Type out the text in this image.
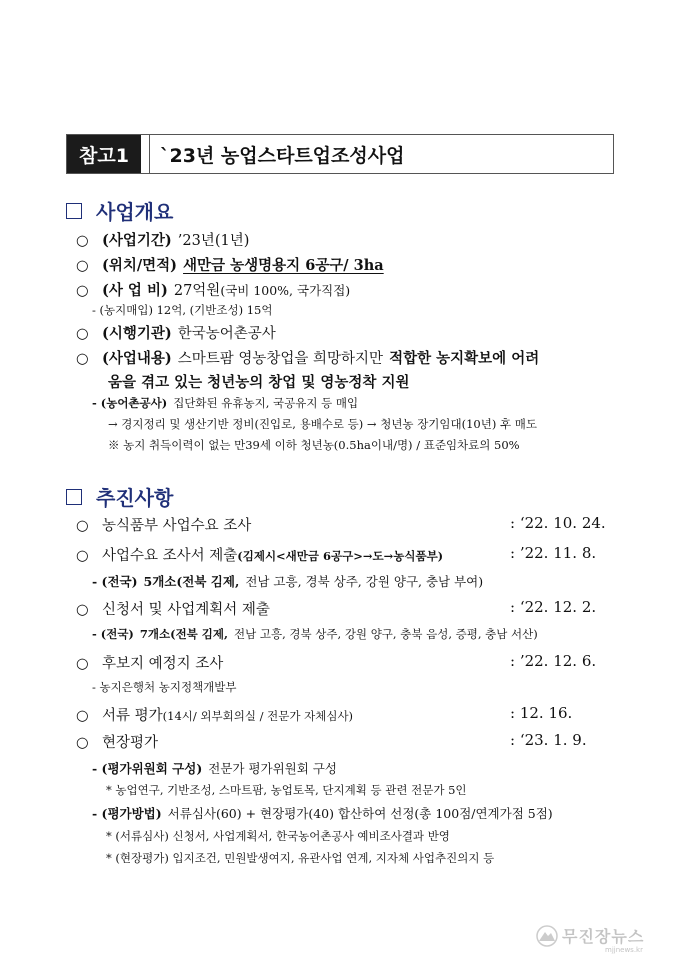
참고1	`23년 농업스타트업조성사업
사업개요
○ (사업기간) ’23년(1년)
○ (위치/면적) 새만금 농생명용지 6공구/ 3ha
○ (사 업 비) 27억원(국비 100%, 국가직접)
- (농지매입) 12억, (기반조성) 15억
○ (시행기관) 한국농어촌공사
○ (사업내용) 스마트팜 영농창업을 희망하지만 적합한 농지확보에 어려
움을 겪고 있는 청년농의 창업 및 영농정착 지원
- (농어촌공사) 집단화된 유휴농지, 국공유지 등 매입
→ 경지정리 및 생산기반 정비(진입로, 용배수로 등) → 청년농 장기임대(10년) 후 매도
※ 농지 취득이력이 없는 만39세 이하 청년농(0.5ha이내/명) / 표준임차료의 50%
추진사항
○ 농식품부 사업수요 조사	: ‘22. 10. 24.
○ 사업수요 조사서 제출(김제시<새만금 6공구>→도→농식품부)	: ’22. 11. 8.
- (전국) 5개소(전북 김제, 전남 고흥, 경북 상주, 강원 양구, 충남 부여)
○ 신청서 및 사업계획서 제출	: ‘22. 12. 2.
- (전국) 7개소(전북 김제, 전남 고흥, 경북 상주, 강원 양구, 충북 음성, 증평, 충남 서산)
○ 후보지 예정지 조사	: ’22. 12. 6.
- 농지은행처 농지정책개발부
○ 서류 평가(14시/ 외부회의실 / 전문가 자체심사)	: 12. 16.
○ 현장평가	: ‘23. 1. 9.
- (평가위원회 구성) 전문가 평가위원회 구성
* 농업연구, 기반조성, 스마트팜, 농업토목, 단지계획 등 관련 전문가 5인
- (평가방법) 서류심사(60) + 현장평가(40) 합산하여 선정(총 100점/연계가점 5점)
* (서류심사) 신청서, 사업계획서, 한국농어촌공사 예비조사결과 반영
* (현장평가) 입지조건, 민원발생여지, 유관사업 연계, 지자체 사업추진의지 등
무진장뉴스
mjjnews.kr
